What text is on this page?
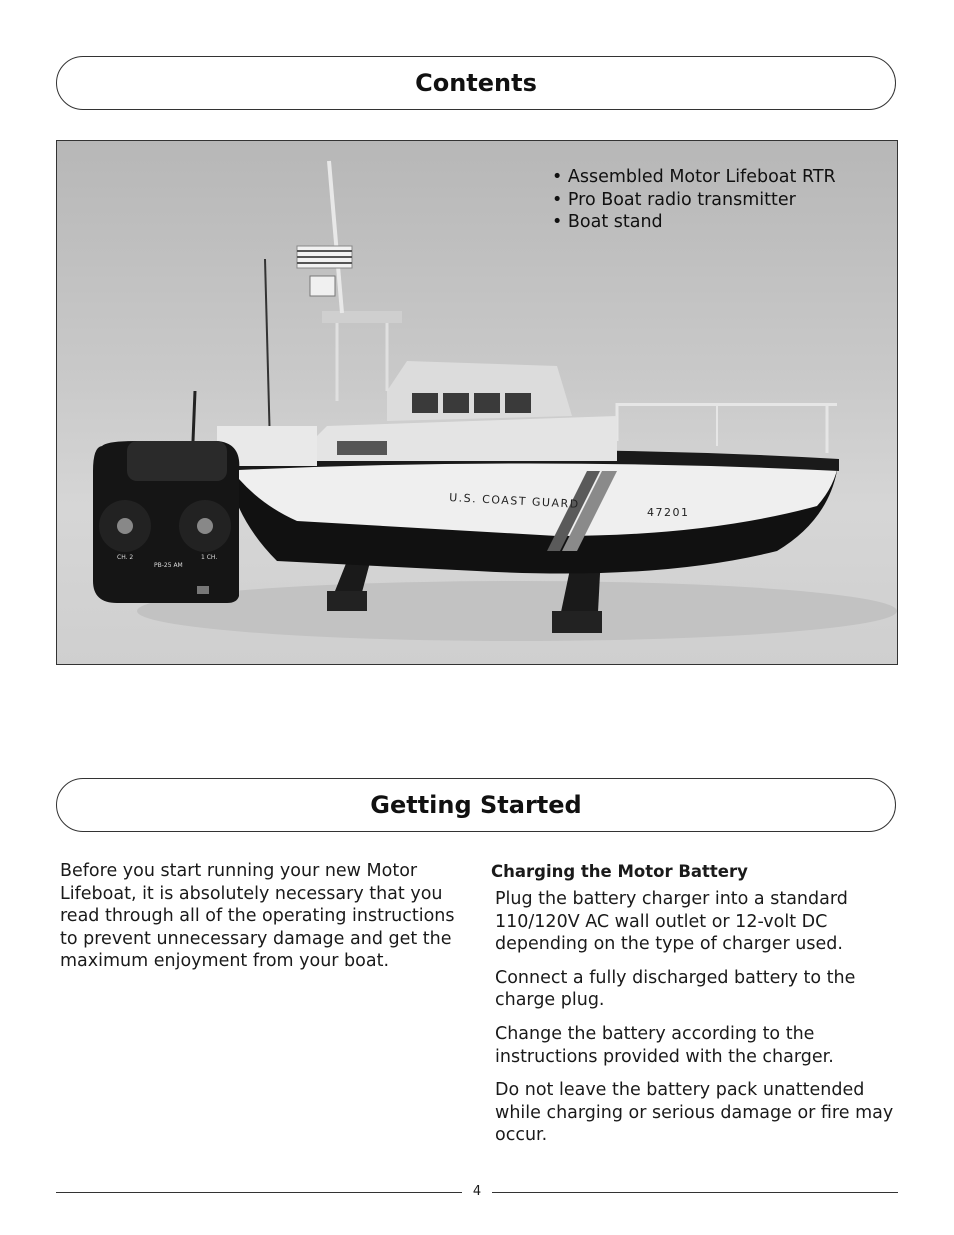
Contents
U.S. COAST GUARD
47201
CH. 2	1 CH.
PB-25 AM
• Assembled Motor Lifeboat RTR
• Pro Boat radio transmitter
• Boat stand
Getting Started

Before you start running your new Motor Lifeboat, it is absolutely necessary that you read through all of the operating instructions to prevent unnecessary damage and get the maximum enjoyment from your boat.

Charging the Motor Battery

Plug the battery charger into a standard 110/120V AC wall outlet or 12-volt DC depending on the type of charger used.

Connect a fully discharged battery to the charge plug.

Change the battery according to the instructions provided with the charger.

Do not leave the battery pack unattended while charging or serious damage or fire may occur.

4
